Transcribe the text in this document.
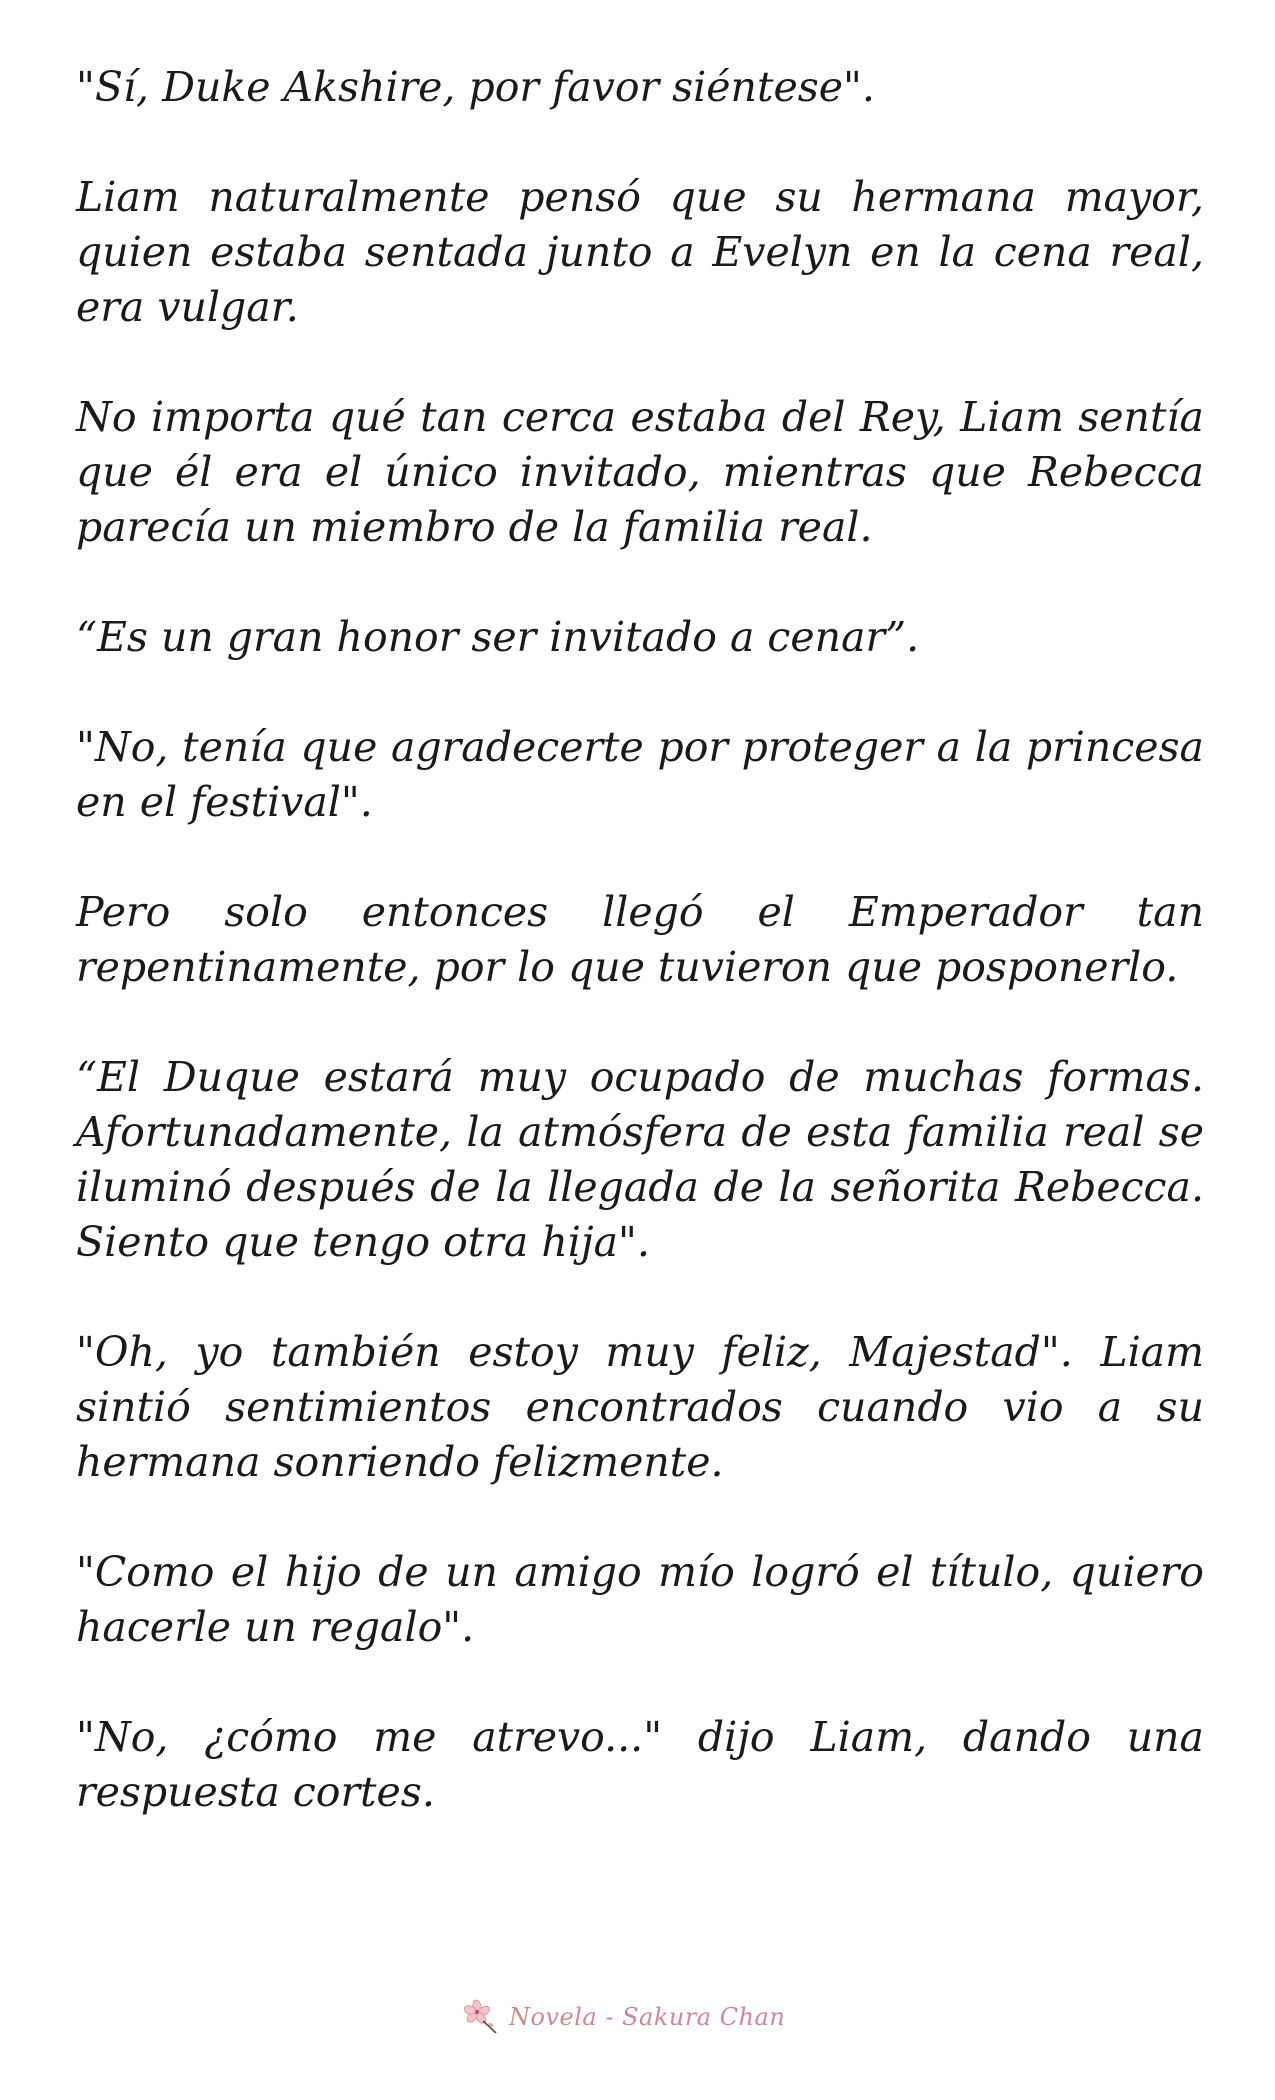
"Sí, Duke Akshire, por favor siéntese".

Liam naturalmente pensó que su hermana mayor, quien estaba sentada junto a Evelyn en la cena real, era vulgar.

No importa qué tan cerca estaba del Rey, Liam sentía que él era el único invitado, mientras que Rebecca parecía un miembro de la familia real.

“Es un gran honor ser invitado a cenar”.

"No, tenía que agradecerte por proteger a la princesa en el festival".

Pero solo entonces llegó el Emperador tan repentinamente, por lo que tuvieron que posponerlo.

“El Duque estará muy ocupado de muchas formas. Afortunadamente, la atmósfera de esta familia real se iluminó después de la llegada de la señorita Rebecca. Siento que tengo otra hija".

"Oh, yo también estoy muy feliz, Majestad". Liam sintió sentimientos encontrados cuando vio a su hermana sonriendo felizmente.

"Como el hijo de un amigo mío logró el título, quiero hacerle un regalo".

"No, ¿cómo me atrevo..." dijo Liam, dando una respuesta cortes.

Novela - Sakura Chan
